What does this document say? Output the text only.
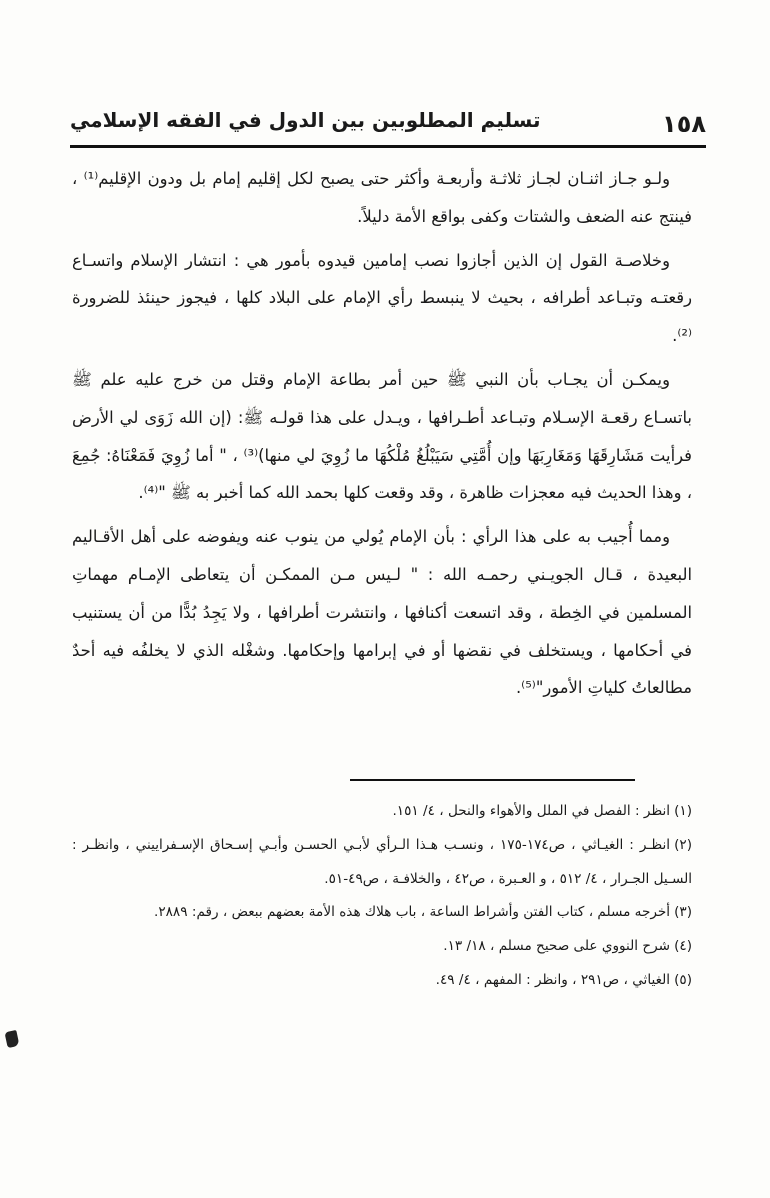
١٥٨
تسليم المطلوبين بين الدول في الفقه الإسلامي

ولـو جـاز اثنـان لجـاز ثلاثـة وأربعـة وأكثر حتى يصبح لكل إقليم إمام بل ودون الإقليم⁽¹⁾ ، فينتج عنه الضعف والشتات وكفى بواقع الأمة دليلاً.

وخلاصـة القول إن الذين أجازوا نصب إمامين قيدوه بأمور هي : انتشار الإسلام واتسـاع رقعتـه وتبـاعد أطرافه ، بحيث لا ينبسط رأي الإمام على البلاد كلها ، فيجوز حينئذ للضرورة ⁽²⁾.

ويمكـن أن يجـاب بأن النبي ﷺ حين أمر بطاعة الإمام وقتل من خرج عليه علم ﷺ باتسـاع رقعـة الإسـلام وتبـاعد أطـرافها ، ويـدل على هذا قولـه ﷺ: (إن الله زَوَى لي الأرض فرأيت مَشَارِقَهَا وَمَغَارِبَهَا وإن أُمَّتِي سَيَبْلُغُ مُلْكُهَا ما زُوِيَ لي منها)⁽³⁾ ، " أما زُوِيَ فَمَعْنَاهُ: جُمِعَ ، وهذا الحديث فيه معجزات ظاهرة ، وقد وقعت كلها بحمد الله كما أخبر به ﷺ "⁽⁴⁾.

ومما أُجيب به على هذا الرأي : بأن الإمام يُولي من ينوب عنه ويفوضه على أهل الأقـاليم البعيدة ، قـال الجويـني رحمـه الله : " لـيس مـن الممكـن أن يتعاطى الإمـام مهماتِ المسلمين في الخِطة ، وقد اتسعت أكنافها ، وانتشرت أطرافها ، ولا يَجِدُ بُدًّا من أن يستنيب في أحكامها ، ويستخلف في نقضها أو في إبرامها وإحكامها. وشغْله الذي لا يخلفُه فيه أحدٌ مطالعاتُ كلياتِ الأمور"⁽⁵⁾.

(١)انظر : الفصل في الملل والأهواء والنحل ، ٤/ ١٥١.

(٢)انظـر : الغيـاثي ، ص١٧٤-١٧٥ ، ونسـب هـذا الـرأي لأبـي الحسـن وأبـي إسـحاق الإسـفراييني ، وانظـر : السـيل الجـرار ، ٤/ ٥١٢ ، و العـبرة ، ص٤٢ ، والخلافـة ، ص٤٩-٥١.

(٣)أخرجه مسلم ، كتاب الفتن وأشراط الساعة ، باب هلاك هذه الأمة بعضهم ببعض ، رقم: ٢٨٨٩.

(٤)شرح النووي على صحيح مسلم ، ١٨/ ١٣.

(٥)الغياثي ، ص٢٩١ ، وانظر : المفهم ، ٤/ ٤٩.
